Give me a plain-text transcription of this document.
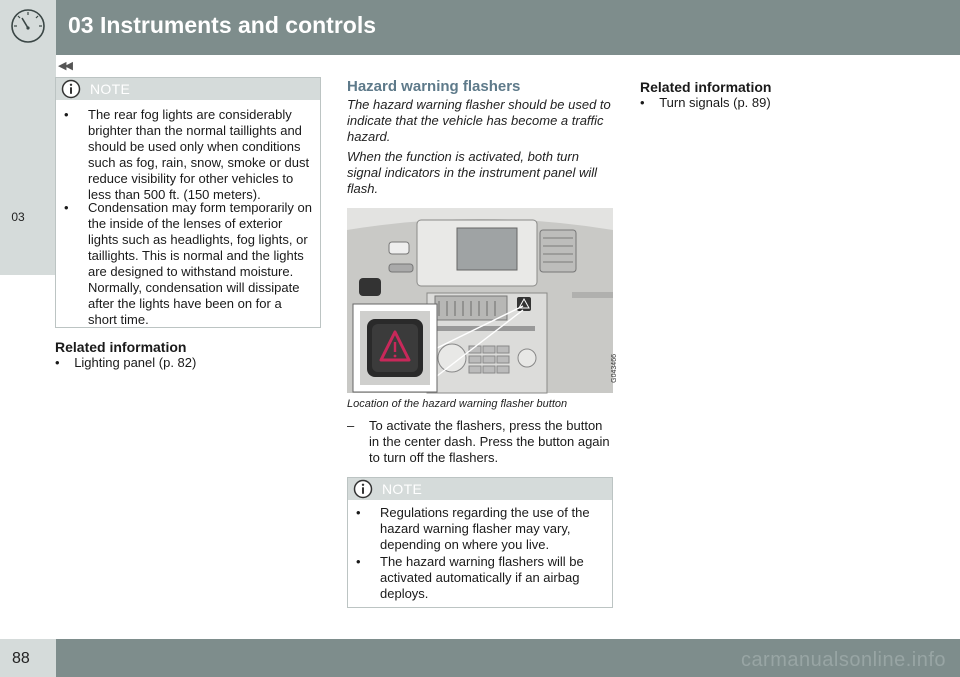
03 Instruments and controls
03
◀◀
NOTE
• The rear fog lights are considerably brighter than the normal taillights and should be used only when conditions such as fog, rain, snow, smoke or dust reduce visibility for other vehicles to less than 500 ft. (150 meters).
• Condensation may form temporarily on the inside of the lenses of exterior lights such as headlights, fog lights, or taillights. This is normal and the lights are designed to withstand moisture. Normally, condensation will dissipate after the lights have been on for a short time.
Related information
• Lighting panel (p. 82)
Hazard warning flashers
The hazard warning flasher should be used to indicate that the vehicle has become a traffic hazard.
When the function is activated, both turn signal indicators in the instrument panel will flash.
G043466
Location of the hazard warning flasher button
– To activate the flashers, press the button in the center dash. Press the button again to turn off the flashers.
NOTE
• Regulations regarding the use of the hazard warning flasher may vary, depending on where you live.
• The hazard warning flashers will be activated automatically if an airbag deploys.
Related information
• Turn signals (p. 89)
88	carmanualsonline.info
